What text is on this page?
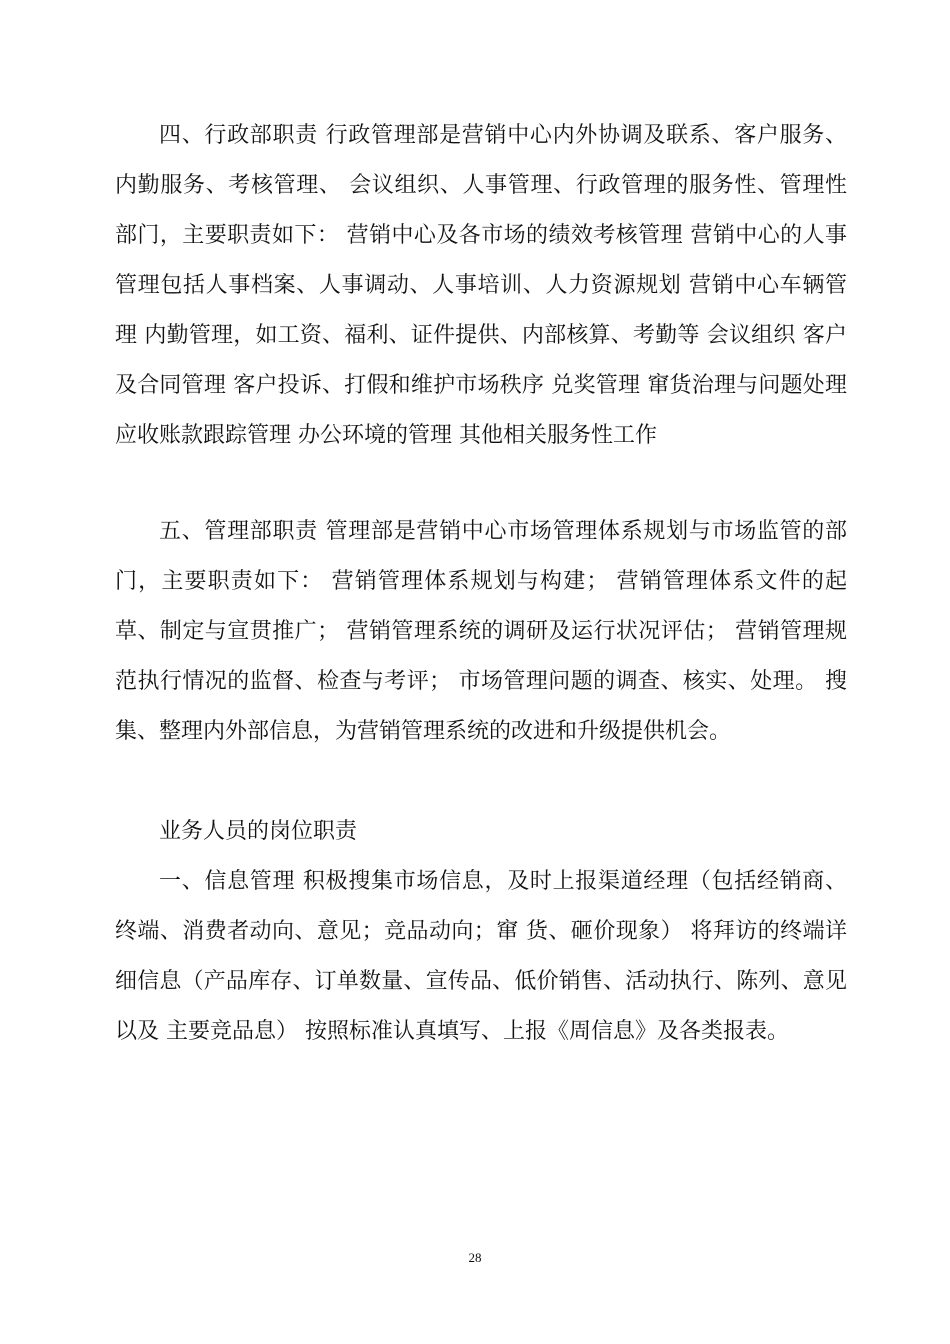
四、行政部职责 行政管理部是营销中心内外协调及联系、客户服务、内勤服务、考核管理、 会议组织、人事管理、行政管理的服务性、管理性部门，主要职责如下： 营销中心及各市场的绩效考核管理 营销中心的人事管理包括人事档案、人事调动、人事培训、人力资源规划 营销中心车辆管理 内勤管理，如工资、福利、证件提供、内部核算、考勤等 会议组织 客户及合同管理 客户投诉、打假和维护市场秩序 兑奖管理 窜货治理与问题处理 应收账款跟踪管理 办公环境的管理 其他相关服务性工作

五、管理部职责 管理部是营销中心市场管理体系规划与市场监管的部门，主要职责如下： 营销管理体系规划与构建； 营销管理体系文件的起草、制定与宣贯推广； 营销管理系统的调研及运行状况评估； 营销管理规范执行情况的监督、检查与考评； 市场管理问题的调查、核实、处理。 搜集、整理内外部信息，为营销管理系统的改进和升级提供机会。

业务人员的岗位职责

一、信息管理 积极搜集市场信息，及时上报渠道经理（包括经销商、终端、消费者动向、意见；竞品动向；窜 货、砸价现象） 将拜访的终端详细信息（产品库存、订单数量、宣传品、低价销售、活动执行、陈列、意见以及 主要竞品息） 按照标准认真填写、上报《周信息》及各类报表。

28
